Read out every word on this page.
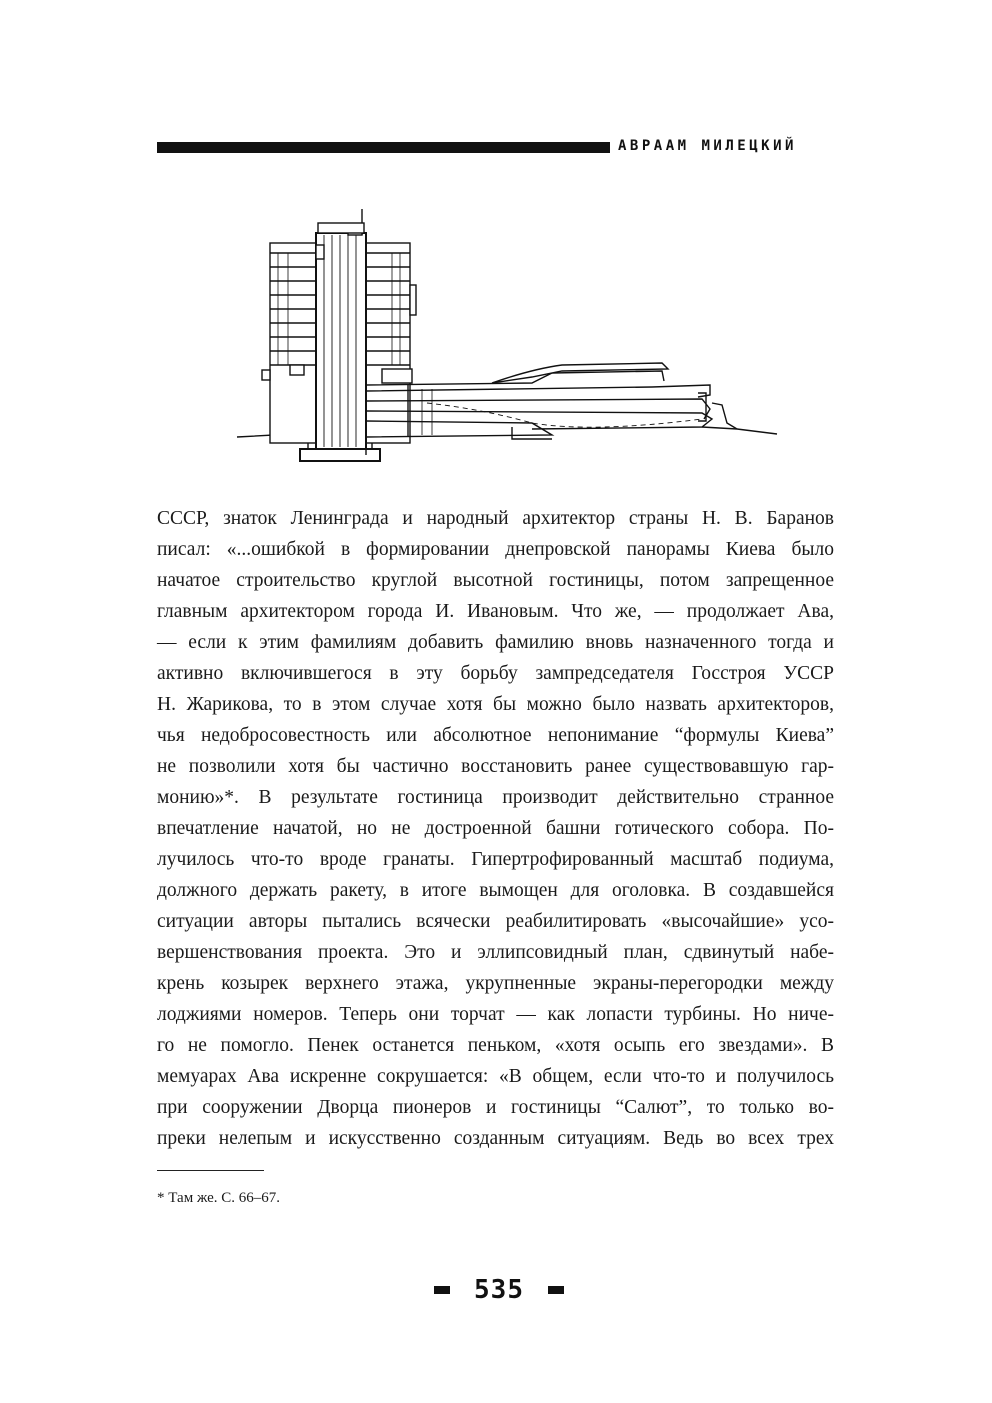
АВРААМ МИЛЕЦКИЙ
СССР, знаток Ленинграда и народный архитектор страны Н. В. Баранов
писал: «...ошибкой в формировании днепровской панорамы Киева было
начатое строительство круглой высотной гостиницы, потом запрещенное
главным архитектором города И. Ивановым. Что же, — продолжает Ава,
— если к этим фамилиям добавить фамилию вновь назначенного тогда и
активно включившегося в эту борьбу зампредседателя Госстроя УССР
Н. Жарикова, то в этом случае хотя бы можно было назвать архитекторов,
чья недобросовестность или абсолютное непонимание “формулы Киева”
не позволили хотя бы частично восстановить ранее существовавшую гар-
монию»*. В результате гостиница производит действительно странное
впечатление начатой, но не достроенной башни готического собора. По-
лучилось что-то вроде гранаты. Гипертрофированный масштаб подиума,
должного держать ракету, в итоге вымощен для оголовка. В создавшейся
ситуации авторы пытались всячески реабилитировать «высочайшие» усо-
вершенствования проекта. Это и эллипсовидный план, сдвинутый набе-
крень козырек верхнего этажа, укрупненные экраны-перегородки между
лоджиями номеров. Теперь они торчат — как лопасти турбины. Но ниче-
го не помогло. Пенек останется пеньком, «хотя осыпь его звездами». В
мемуарах Ава искренне сокрушается: «В общем, если что-то и получилось
при сооружении Дворца пионеров и гостиницы “Салют”, то только во-
преки нелепым и искусственно созданным ситуациям. Ведь во всех трех
* Там же. С. 66–67.
535
